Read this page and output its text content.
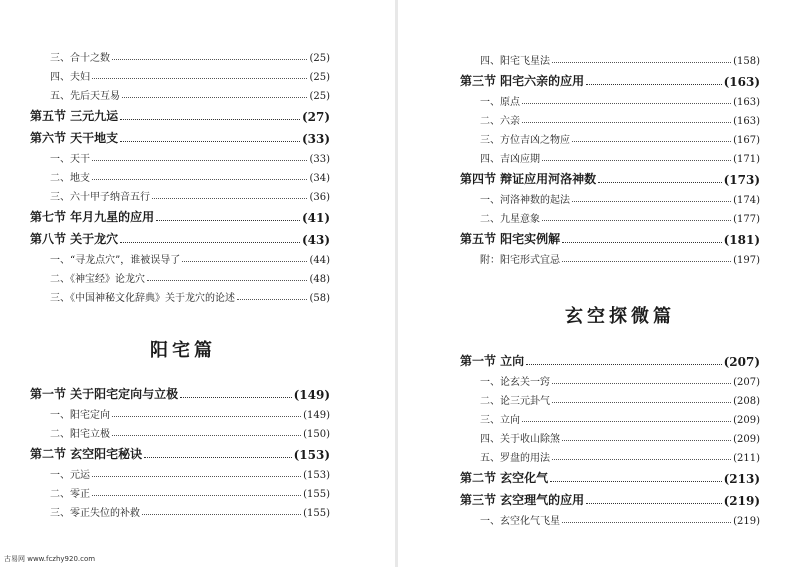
三、合十之数	(25)
四、夫妇	(25)
五、先后天互易	(25)
第五节 三元九运	(27)
第六节 天干地支	(33)
一、天干	(33)
二、地支	(34)
三、六十甲子纳音五行	(36)
第七节 年月九星的应用	(41)
第八节 关于龙穴	(43)
一、“寻龙点穴”，谁被误导了	(44)
二、《神宝经》论龙穴	(48)
三、《中国神秘文化辞典》关于龙穴的论述	(58)
阳宅篇
第一节 关于阳宅定向与立极	(149)
一、阳宅定向	(149)
二、阳宅立极	(150)
第二节 玄空阳宅秘诀	(153)
一、元运	(153)
二、零正	(155)
三、零正失位的补救	(155)
四、阳宅飞星法	(158)
第三节 阳宅六亲的应用	(163)
一、原点	(163)
二、六亲	(163)
三、方位吉凶之物应	(167)
四、吉凶应期	(171)
第四节 辩证应用河洛神数	(173)
一、河洛神数的起法	(174)
二、九星意象	(177)
第五节 阳宅实例解	(181)
附：阳宅形式宜忌	(197)
玄空探微篇
第一节 立向	(207)
一、论玄关一窍	(207)
二、论三元卦气	(208)
三、立向	(209)
四、关于收山除煞	(209)
五、罗盘的用法	(211)
第二节 玄空化气	(213)
第三节 玄空理气的应用	(219)
一、玄空化气飞星	(219)
古易网 www.fczhy920.com
